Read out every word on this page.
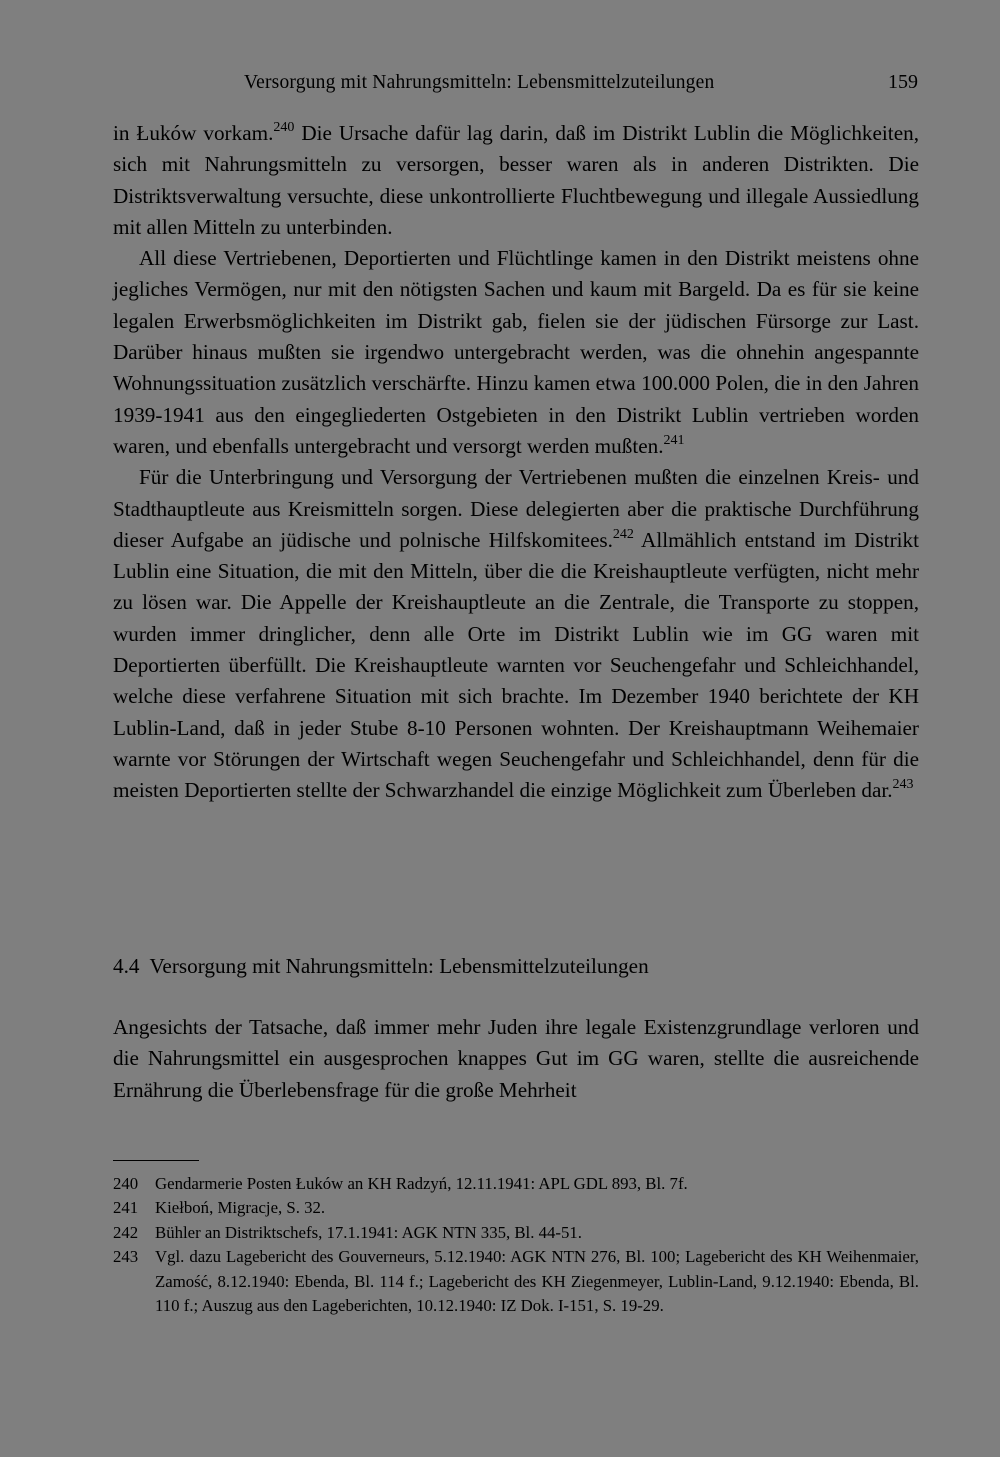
Versorgung mit Nahrungsmitteln: Lebensmittelzuteilungen	159

in Łuków vorkam.$^{240}$ Die Ursache dafür lag darin, daß im Distrikt Lublin die Möglichkeiten, sich mit Nahrungsmitteln zu versorgen, besser waren als in anderen Distrikten. Die Distriktsverwaltung versuchte, diese unkontrollierte Fluchtbewegung und illegale Aussiedlung mit allen Mitteln zu unterbinden.

All diese Vertriebenen, Deportierten und Flüchtlinge kamen in den Distrikt meistens ohne jegliches Vermögen, nur mit den nötigsten Sachen und kaum mit Bargeld. Da es für sie keine legalen Erwerbsmöglichkeiten im Distrikt gab, fielen sie der jüdischen Fürsorge zur Last. Darüber hinaus mußten sie irgendwo untergebracht werden, was die ohnehin angespannte Wohnungssituation zusätzlich verschärfte. Hinzu kamen etwa 100.000 Polen, die in den Jahren 1939-1941 aus den eingegliederten Ostgebieten in den Distrikt Lublin vertrieben worden waren, und ebenfalls untergebracht und versorgt werden mußten.$^{241}$

Für die Unterbringung und Versorgung der Vertriebenen mußten die einzelnen Kreis- und Stadthauptleute aus Kreismitteln sorgen. Diese delegierten aber die praktische Durchführung dieser Aufgabe an jüdische und polnische Hilfskomitees.$^{242}$ Allmählich entstand im Distrikt Lublin eine Situation, die mit den Mitteln, über die die Kreishauptleute verfügten, nicht mehr zu lösen war. Die Appelle der Kreishauptleute an die Zentrale, die Transporte zu stoppen, wurden immer dringlicher, denn alle Orte im Distrikt Lublin wie im GG waren mit Deportierten überfüllt. Die Kreishauptleute warnten vor Seuchengefahr und Schleichhandel, welche diese verfahrene Situation mit sich brachte. Im Dezember 1940 berichtete der KH Lublin-Land, daß in jeder Stube 8-10 Personen wohnten. Der Kreishauptmann Weihemaier warnte vor Störungen der Wirtschaft wegen Seuchengefahr und Schleichhandel, denn für die meisten Deportierten stellte der Schwarzhandel die einzige Möglichkeit zum Überleben dar.$^{243}$

4.4 Versorgung mit Nahrungsmitteln: Lebensmittelzuteilungen

Angesichts der Tatsache, daß immer mehr Juden ihre legale Existenzgrundlage verloren und die Nahrungsmittel ein ausgesprochen knappes Gut im GG waren, stellte die ausreichende Ernährung die Überlebensfrage für die große Mehrheit

240	Gendarmerie Posten Łuków an KH Radzyń, 12.11.1941: APL GDL 893, Bl. 7f.
241	Kiełboń, Migracje, S. 32.
242	Bühler an Distriktschefs, 17.1.1941: AGK NTN 335, Bl. 44-51.
243	Vgl. dazu Lagebericht des Gouverneurs, 5.12.1940: AGK NTN 276, Bl. 100; Lagebericht des KH Weihenmaier, Zamość, 8.12.1940: Ebenda, Bl. 114 f.; Lagebericht des KH Ziegenmeyer, Lublin-Land, 9.12.1940: Ebenda, Bl. 110 f.; Auszug aus den Lageberichten, 10.12.1940: IZ Dok. I-151, S. 19-29.
